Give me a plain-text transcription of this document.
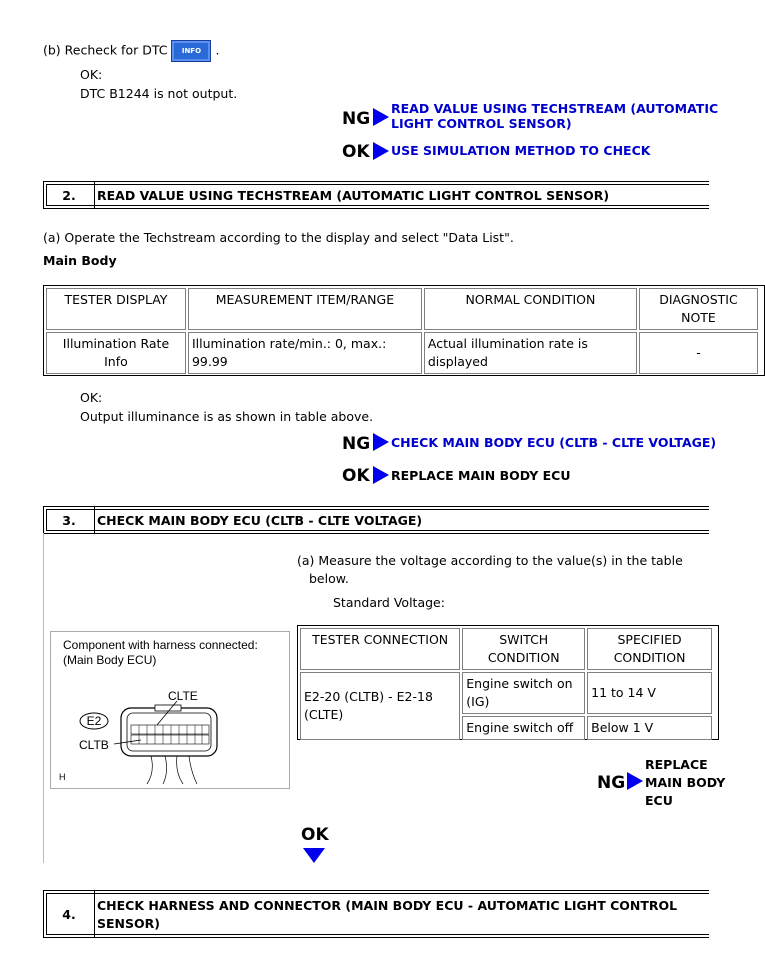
(b) Recheck for DTC INFO .
OK:
DTC B1244 is not output.
NG
READ VALUE USING TECHSTREAM (AUTOMATIC LIGHT CONTROL SENSOR)
OK USE SIMULATION METHOD TO CHECK
2.	READ VALUE USING TECHSTREAM (AUTOMATIC LIGHT CONTROL SENSOR)
(a) Operate the Techstream according to the display and select "Data List".
Main Body
TESTER DISPLAY	MEASUREMENT ITEM/RANGE	NORMAL CONDITION	DIAGNOSTIC NOTE
Illumination Rate Info	Illumination rate/min.: 0, max.: 99.99	Actual illumination rate is displayed	-
OK:
Output illuminance is as shown in table above.
NG CHECK MAIN BODY ECU (CLTB - CLTE VOLTAGE)
OK REPLACE MAIN BODY ECU
3.	CHECK MAIN BODY ECU (CLTB - CLTE VOLTAGE)
(a) Measure the voltage according to the value(s) in the table below.
Standard Voltage:
Component with harness connected:
(Main Body ECU)
CLTE
CLTB
H
E2
TESTER CONNECTION	SWITCH CONDITION	SPECIFIED CONDITION
E2-20 (CLTB) - E2-18 (CLTE)	Engine switch on (IG)	11 to 14 V
	Engine switch off	Below 1 V
NG
REPLACE
MAIN BODY
ECU
OK
4.
CHECK HARNESS AND CONNECTOR (MAIN BODY ECU - AUTOMATIC LIGHT CONTROL
SENSOR)
